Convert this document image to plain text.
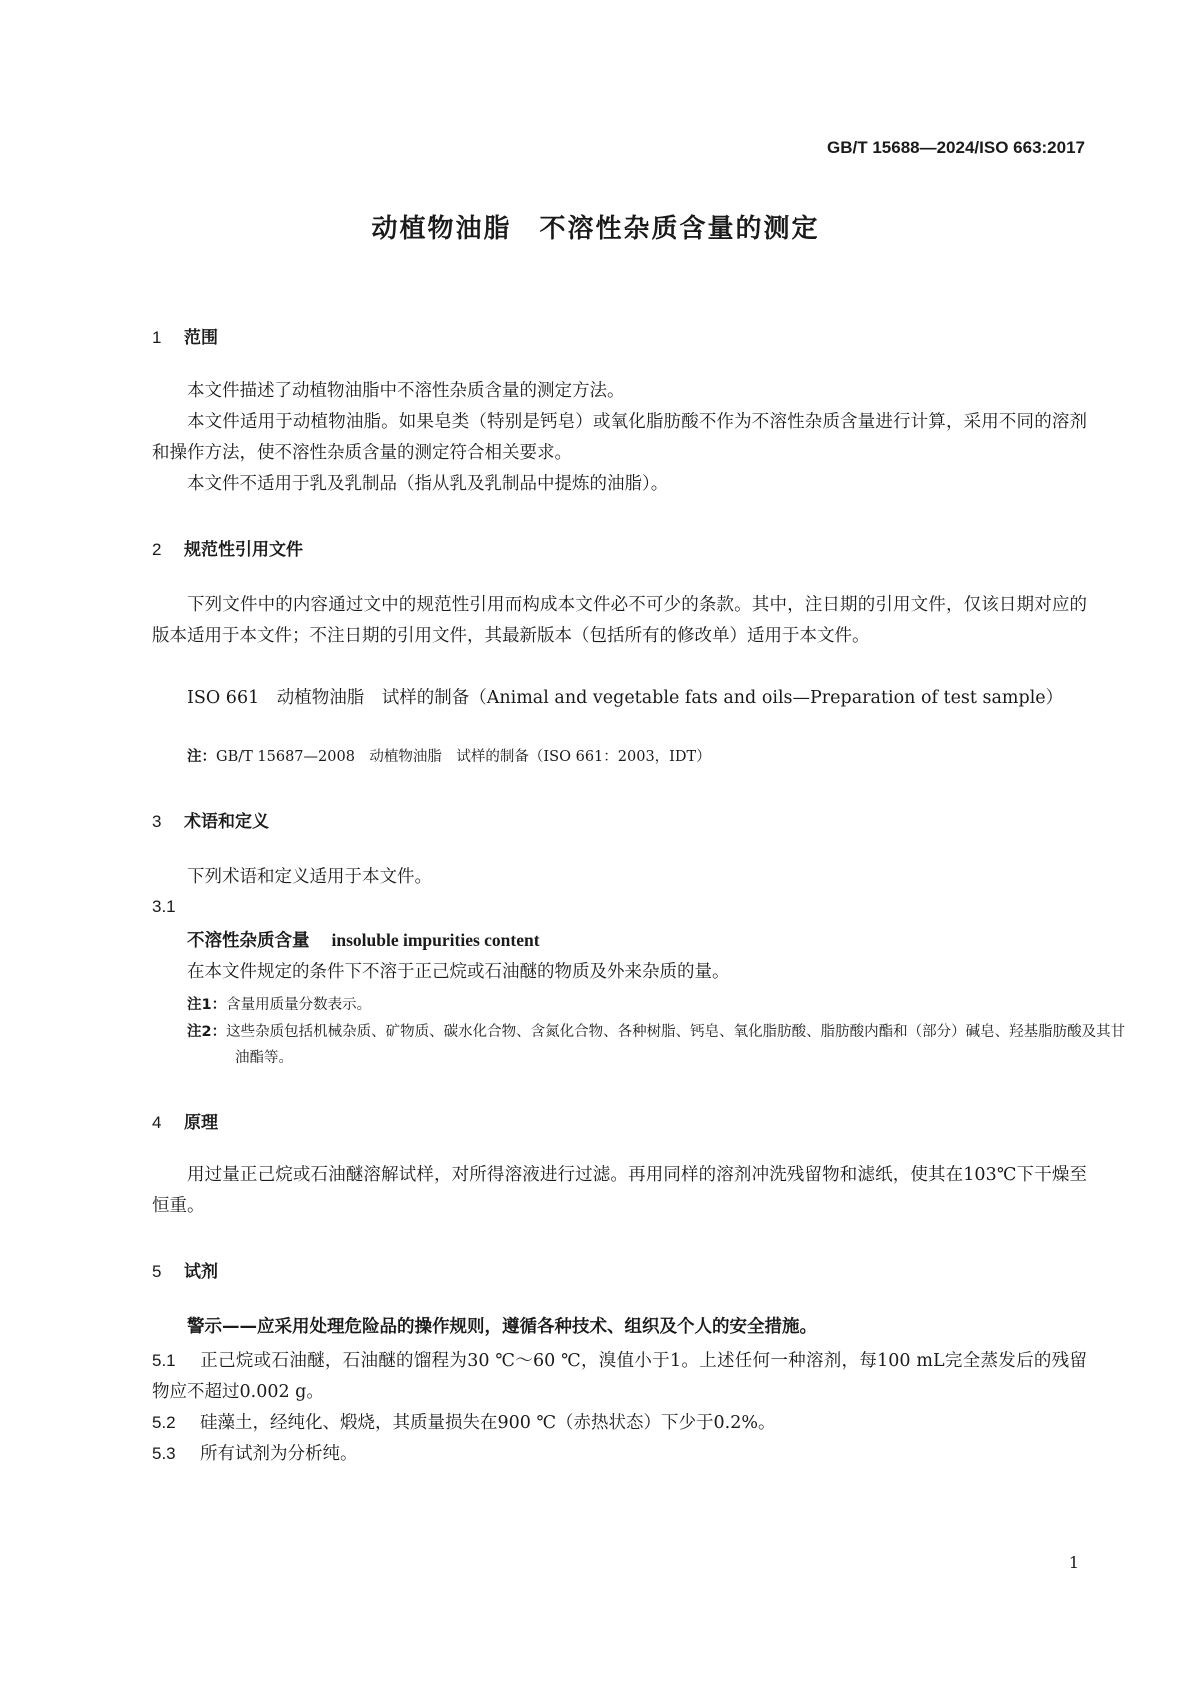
GB/T 15688—2024/ISO 663:2017
动植物油脂　不溶性杂质含量的测定
1 范围
本文件描述了动植物油脂中不溶性杂质含量的测定方法。
本文件适用于动植物油脂。如果皂类（特别是钙皂）或氧化脂肪酸不作为不溶性杂质含量进行计算，采用不同的溶剂和操作方法，使不溶性杂质含量的测定符合相关要求。
本文件不适用于乳及乳制品（指从乳及乳制品中提炼的油脂）。
2 规范性引用文件
下列文件中的内容通过文中的规范性引用而构成本文件必不可少的条款。其中，注日期的引用文件，仅该日期对应的版本适用于本文件；不注日期的引用文件，其最新版本（包括所有的修改单）适用于本文件。
ISO 661　动植物油脂　试样的制备（Animal and vegetable fats and oils—Preparation of test sample）
注：GB/T 15687—2008　动植物油脂　试样的制备（ISO 661：2003，IDT）
3 术语和定义
下列术语和定义适用于本文件。
3.1
不溶性杂质含量 insoluble impurities content
在本文件规定的条件下不溶于正己烷或石油醚的物质及外来杂质的量。
注1：含量用质量分数表示。
注2：这些杂质包括机械杂质、矿物质、碳水化合物、含氮化合物、各种树脂、钙皂、氧化脂肪酸、脂肪酸内酯和（部分）碱皂、羟基脂肪酸及其甘油酯等。
4 原理
用过量正己烷或石油醚溶解试样，对所得溶液进行过滤。再用同样的溶剂冲洗残留物和滤纸，使其在103℃下干燥至恒重。
5 试剂
警示——应采用处理危险品的操作规则，遵循各种技术、组织及个人的安全措施。
5.1 正己烷或石油醚，石油醚的馏程为30 ℃～60 ℃，溴值小于1。上述任何一种溶剂，每100 mL完全蒸发后的残留物应不超过0.002 g。
5.2 硅藻土，经纯化、煅烧，其质量损失在900 ℃（赤热状态）下少于0.2%。
5.3 所有试剂为分析纯。
1
